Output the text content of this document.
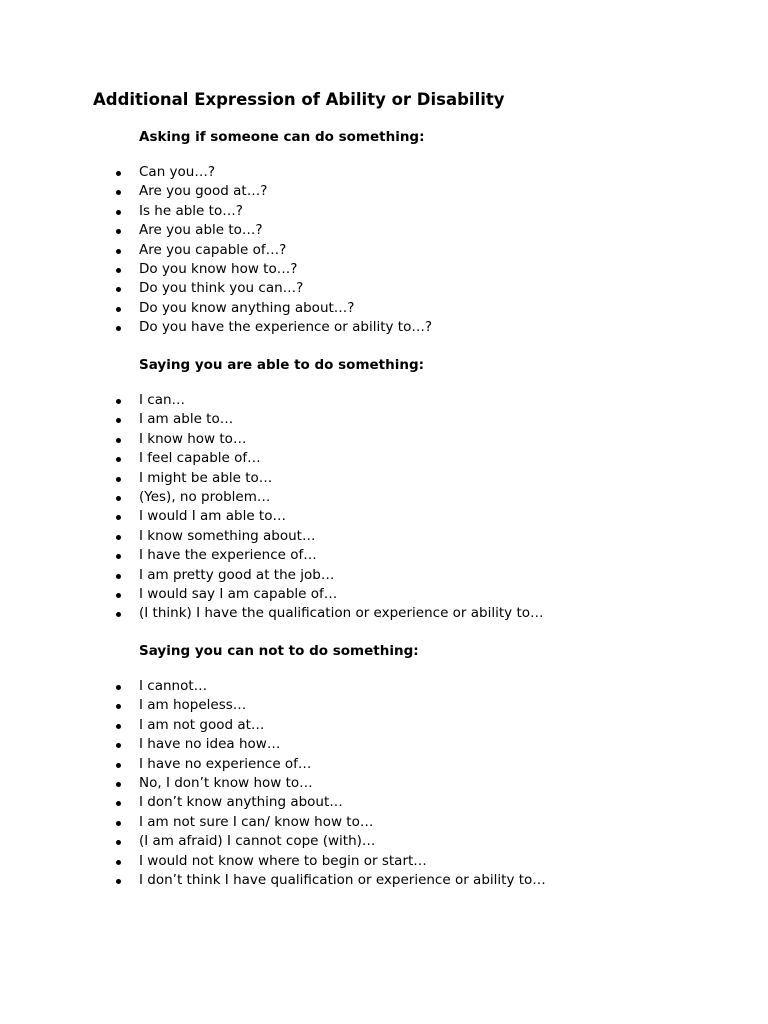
Additional Expression of Ability or Disability
Asking if someone can do something:
Can you…?
Are you good at…?
Is he able to…?
Are you able to…?
Are you capable of…?
Do you know how to…?
Do you think you can…?
Do you know anything about…?
Do you have the experience or ability to…?
Saying you are able to do something:
I can…
I am able to…
I know how to…
I feel capable of…
I might be able to…
(Yes), no problem…
I would I am able to…
I know something about…
I have the experience of…
I am pretty good at the job…
I would say I am capable of…
(I think) I have the qualification or experience or ability to…
Saying you can not to do something:
I cannot…
I am hopeless…
I am not good at…
I have no idea how…
I have no experience of…
No, I don’t know how to…
I don’t know anything about…
I am not sure I can/ know how to…
(I am afraid) I cannot cope (with)…
I would not know where to begin or start…
I don’t think I have qualification or experience or ability to…
